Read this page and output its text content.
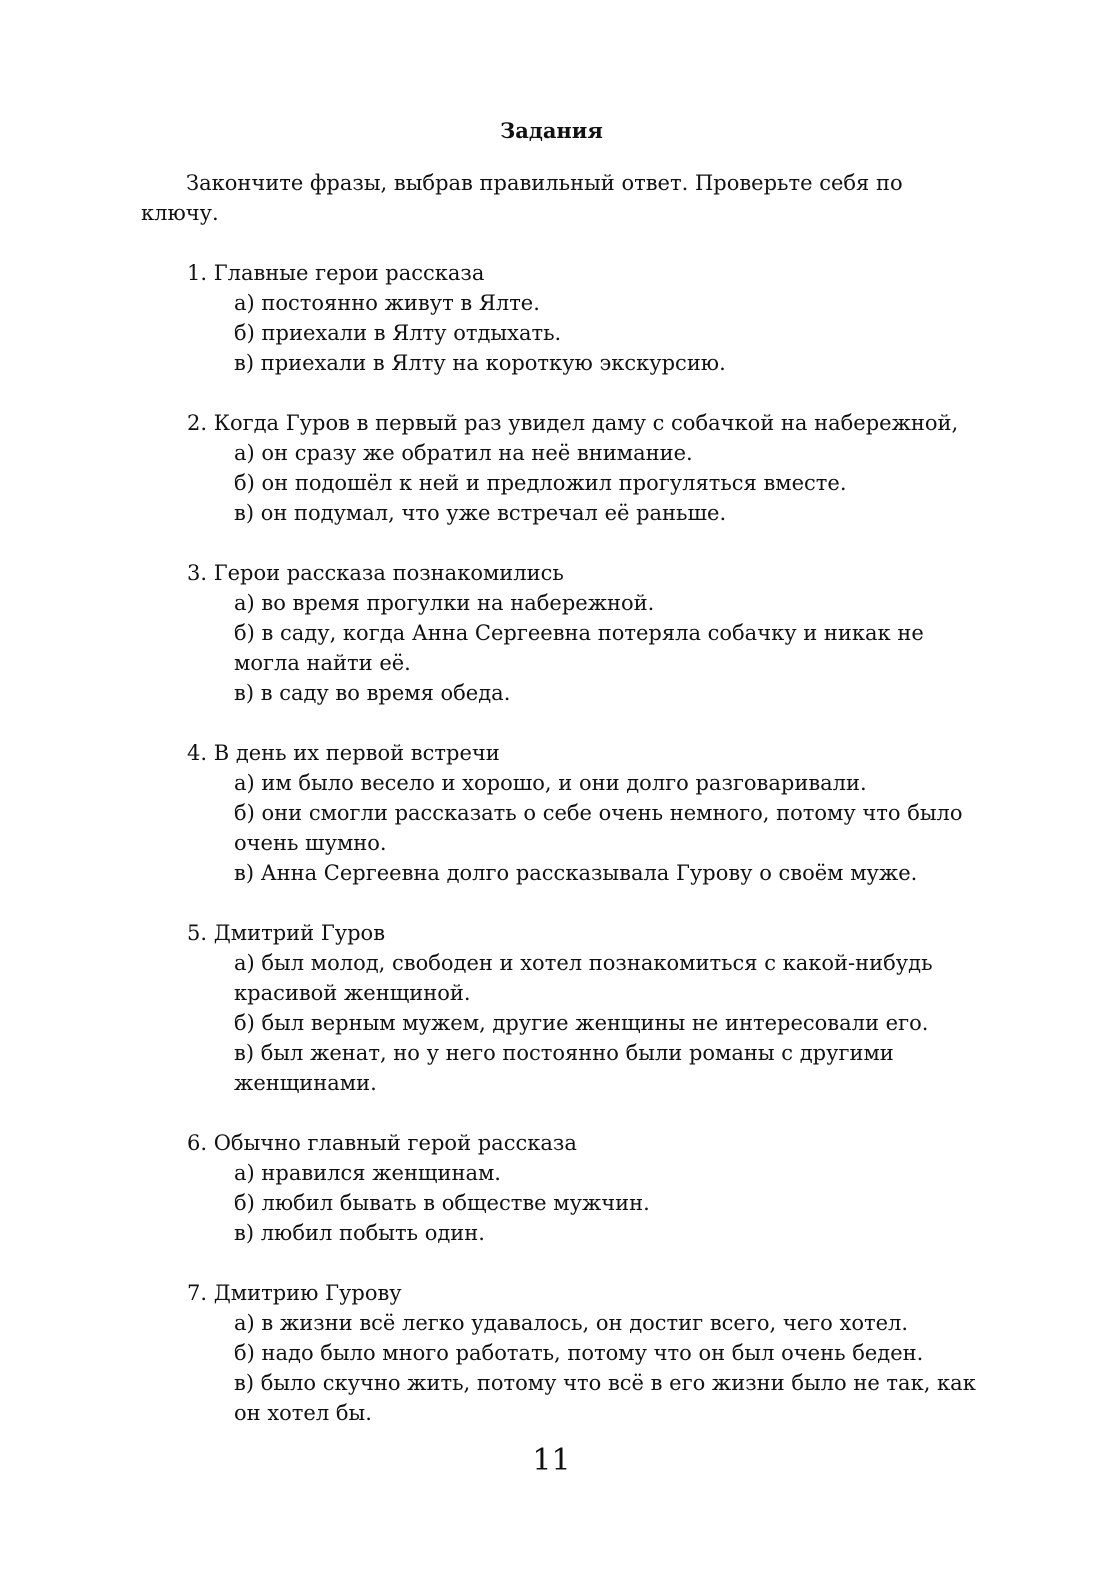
Задания

Закончите фразы, выбрав правильный ответ. Проверьте себя по ключу.

1. Главные герои рассказа
а) постоянно живут в Ялте.
б) приехали в Ялту отдыхать.
в) приехали в Ялту на короткую экскурсию.
2. Когда Гуров в первый раз увидел даму с собачкой на набережной,
а) он сразу же обратил на неё внимание.
б) он подошёл к ней и предложил прогуляться вместе.
в) он подумал, что уже встречал её раньше.
3. Герои рассказа познакомились
а) во время прогулки на набережной.
б) в саду, когда Анна Сергеевна потеряла собачку и никак не могла найти её.
в) в саду во время обеда.
4. В день их первой встречи
а) им было весело и хорошо, и они долго разговаривали.
б) они смогли рассказать о себе очень немного, потому что было очень шумно.
в) Анна Сергеевна долго рассказывала Гурову о своём муже.
5. Дмитрий Гуров
а) был молод, свободен и хотел познакомиться с какой-нибудь красивой женщиной.
б) был верным мужем, другие женщины не интересовали его.
в) был женат, но у него постоянно были романы с другими женщинами.
6. Обычно главный герой рассказа
а) нравился женщинам.
б) любил бывать в обществе мужчин.
в) любил побыть один.
7. Дмитрию Гурову
а) в жизни всё легко удавалось, он достиг всего, чего хотел.
б) надо было много работать, потому что он был очень беден.
в) было скучно жить, потому что всё в его жизни было не так, как он хотел бы.
11
